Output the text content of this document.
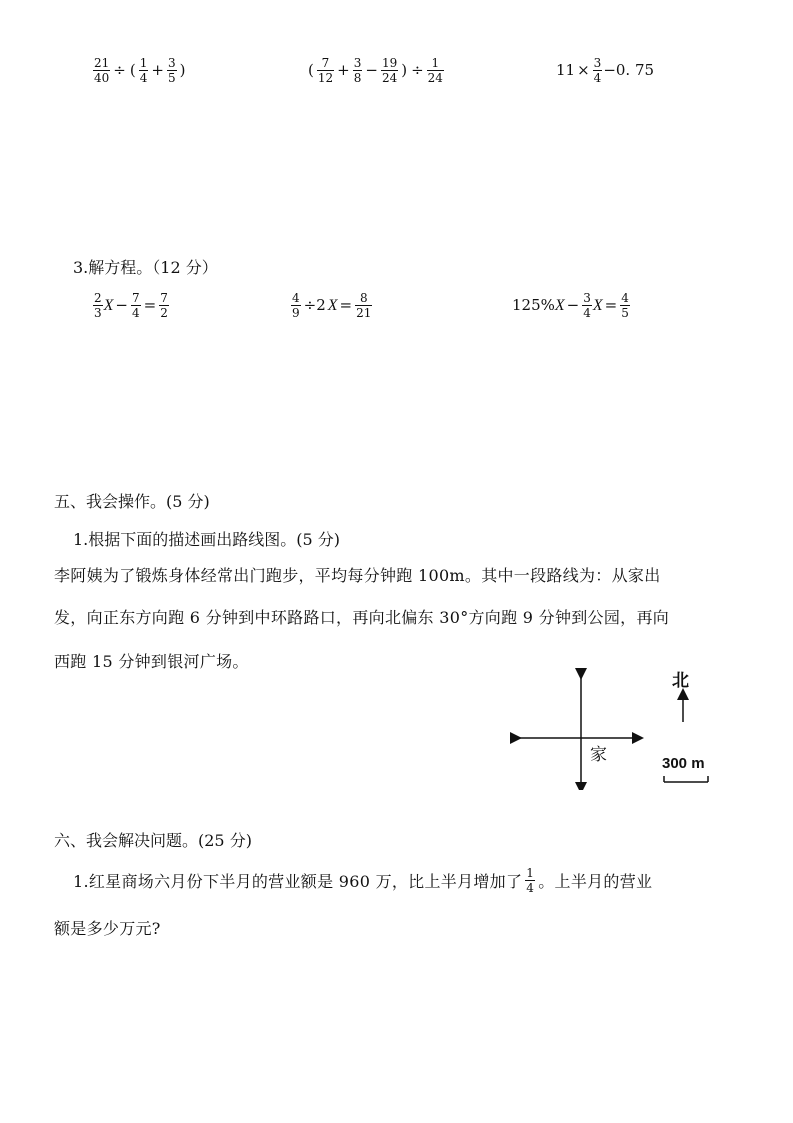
$\frac{21}{40}$ ÷ ( $\frac{1}{4} + \frac{3}{5}$ )	( $\frac{7}{12} + \frac{3}{8} - \frac{19}{24}$ ) ÷ $\frac{1}{24}$	$11 \times \frac{3}{4} -0$. 75
3.解方程。（12 分）
$\frac{2}{3}$ $X - \frac{7}{4} = \frac{7}{2}$	$\frac{4}{9} \div 2$ $X = \frac{8}{21}$	125% $X - \frac{3}{4}$ $X = \frac{4}{5}$
五、我会操作。(5 分)
1.根据下面的描述画出路线图。(5 分)
李阿姨为了锻炼身体经常出门跑步，平均每分钟跑 100m。其中一段路线为：从家出
发，向正东方向跑 6 分钟到中环路路口，再向北偏东 30°方向跑 9 分钟到公园，再向
西跑 15 分钟到银河广场。
北
家	300 m
六、我会解决问题。(25 分)
1.红星商场六月份下半月的营业额是 960 万，比上半月增加了 $\frac{1}{4}$ 。上半月的营业
额是多少万元?
